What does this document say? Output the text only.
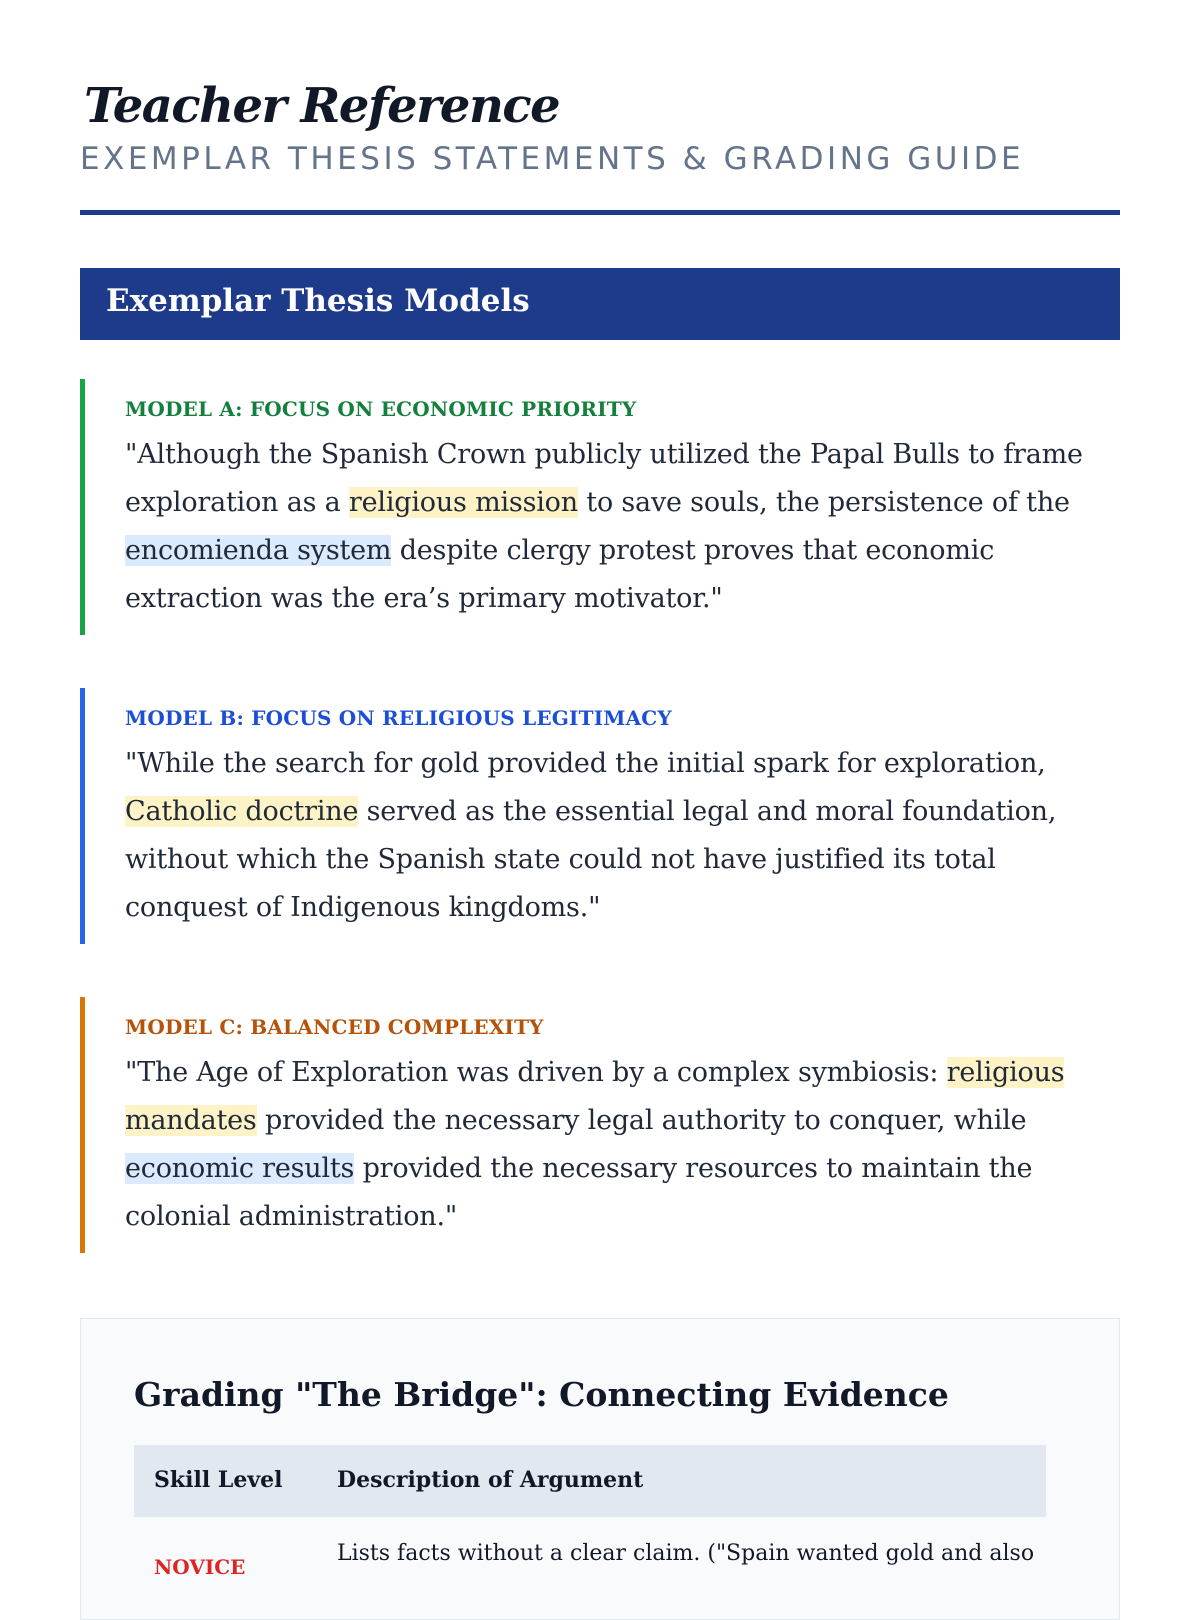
Teacher Reference
EXEMPLAR THESIS STATEMENTS & GRADING GUIDE
Exemplar Thesis Models
MODEL A: FOCUS ON ECONOMIC PRIORITY
"Although the Spanish Crown publicly utilized the Papal Bulls to frame exploration as a religious mission to save souls, the persistence of the encomienda system despite clergy protest proves that economic extraction was the era’s primary motivator."
MODEL B: FOCUS ON RELIGIOUS LEGITIMACY
"While the search for gold provided the initial spark for exploration, Catholic doctrine served as the essential legal and moral foundation, without which the Spanish state could not have justified its total conquest of Indigenous kingdoms."
MODEL C: BALANCED COMPLEXITY
"The Age of Exploration was driven by a complex symbiosis: religious mandates provided the necessary legal authority to conquer, while economic results provided the necessary resources to maintain the colonial administration."
Grading "The Bridge": Connecting Evidence
Skill Level Description of Argument
NOVICE
Lists facts without a clear claim. ("Spain wanted gold and also
